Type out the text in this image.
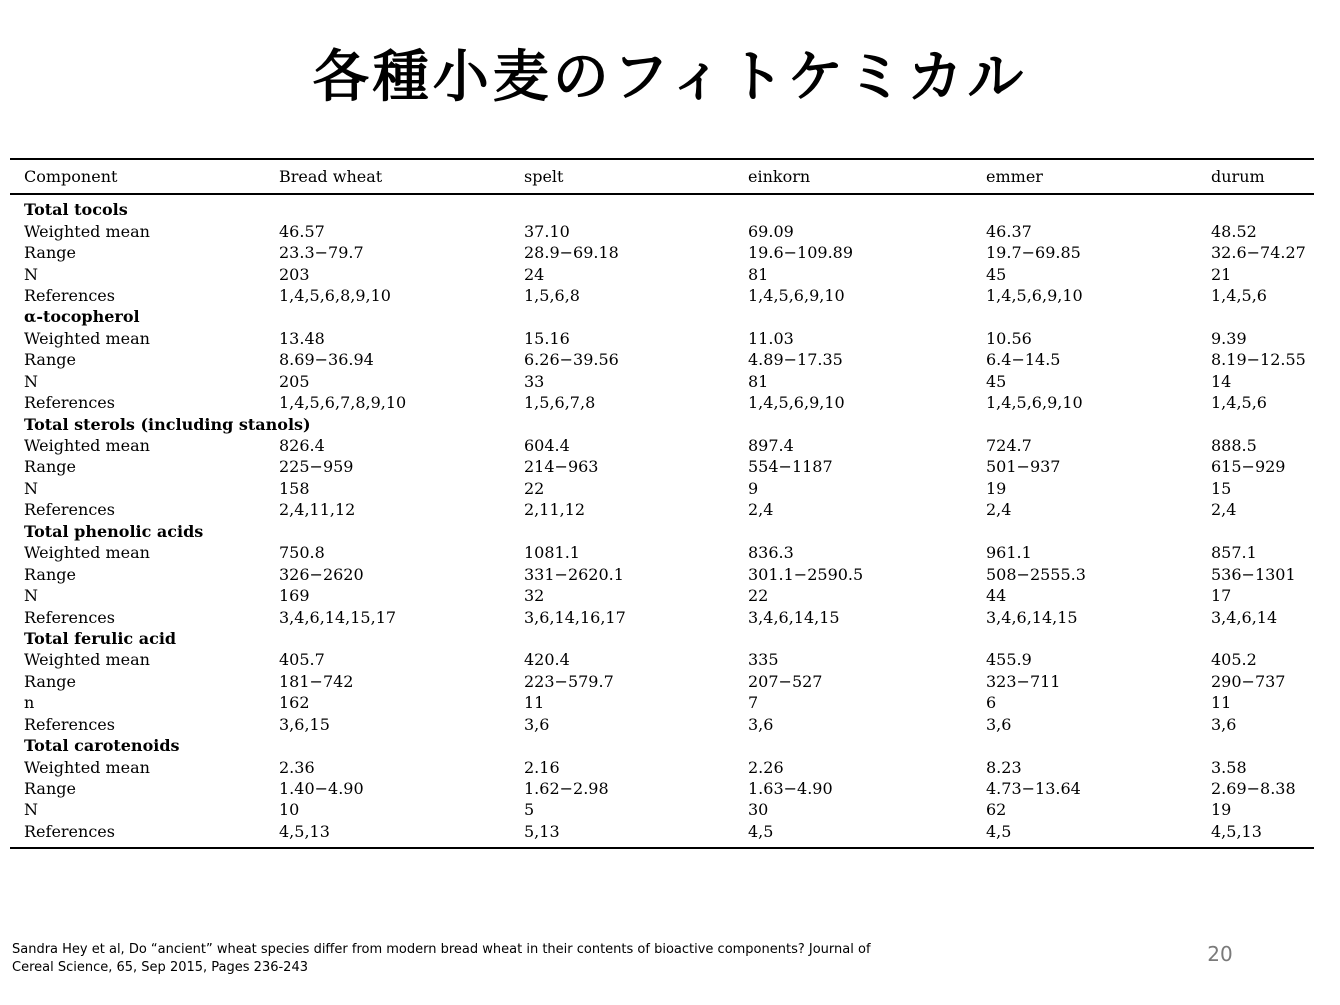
各種小麦のフィトケミカル
Component	Bread wheat	spelt	einkorn	emmer	durum
Total tocols					
Weighted mean	46.57	37.10	69.09	46.37	48.52
Range	23.3−79.7	28.9−69.18	19.6−109.89	19.7−69.85	32.6−74.27
N	203	24	81	45	21
References	1,4,5,6,8,9,10	1,5,6,8	1,4,5,6,9,10	1,4,5,6,9,10	1,4,5,6
α-tocopherol					
Weighted mean	13.48	15.16	11.03	10.56	9.39
Range	8.69−36.94	6.26−39.56	4.89−17.35	6.4−14.5	8.19−12.55
N	205	33	81	45	14
References	1,4,5,6,7,8,9,10	1,5,6,7,8	1,4,5,6,9,10	1,4,5,6,9,10	1,4,5,6
Total sterols (including stanols)					
Weighted mean	826.4	604.4	897.4	724.7	888.5
Range	225−959	214−963	554−1187	501−937	615−929
N	158	22	9	19	15
References	2,4,11,12	2,11,12	2,4	2,4	2,4
Total phenolic acids					
Weighted mean	750.8	1081.1	836.3	961.1	857.1
Range	326−2620	331−2620.1	301.1−2590.5	508−2555.3	536−1301
N	169	32	22	44	17
References	3,4,6,14,15,17	3,6,14,16,17	3,4,6,14,15	3,4,6,14,15	3,4,6,14
Total ferulic acid					
Weighted mean	405.7	420.4	335	455.9	405.2
Range	181−742	223−579.7	207−527	323−711	290−737
n	162	11	7	6	11
References	3,6,15	3,6	3,6	3,6	3,6
Total carotenoids					
Weighted mean	2.36	2.16	2.26	8.23	3.58
Range	1.40−4.90	1.62−2.98	1.63−4.90	4.73−13.64	2.69−8.38
N	10	5	30	62	19
References	4,5,13	5,13	4,5	4,5	4,5,13

Sandra Hey et al, Do “ancient” wheat species differ from modern bread wheat in their contents of bioactive components? Journal of Cereal Science, 65, Sep 2015, Pages 236-243

20
